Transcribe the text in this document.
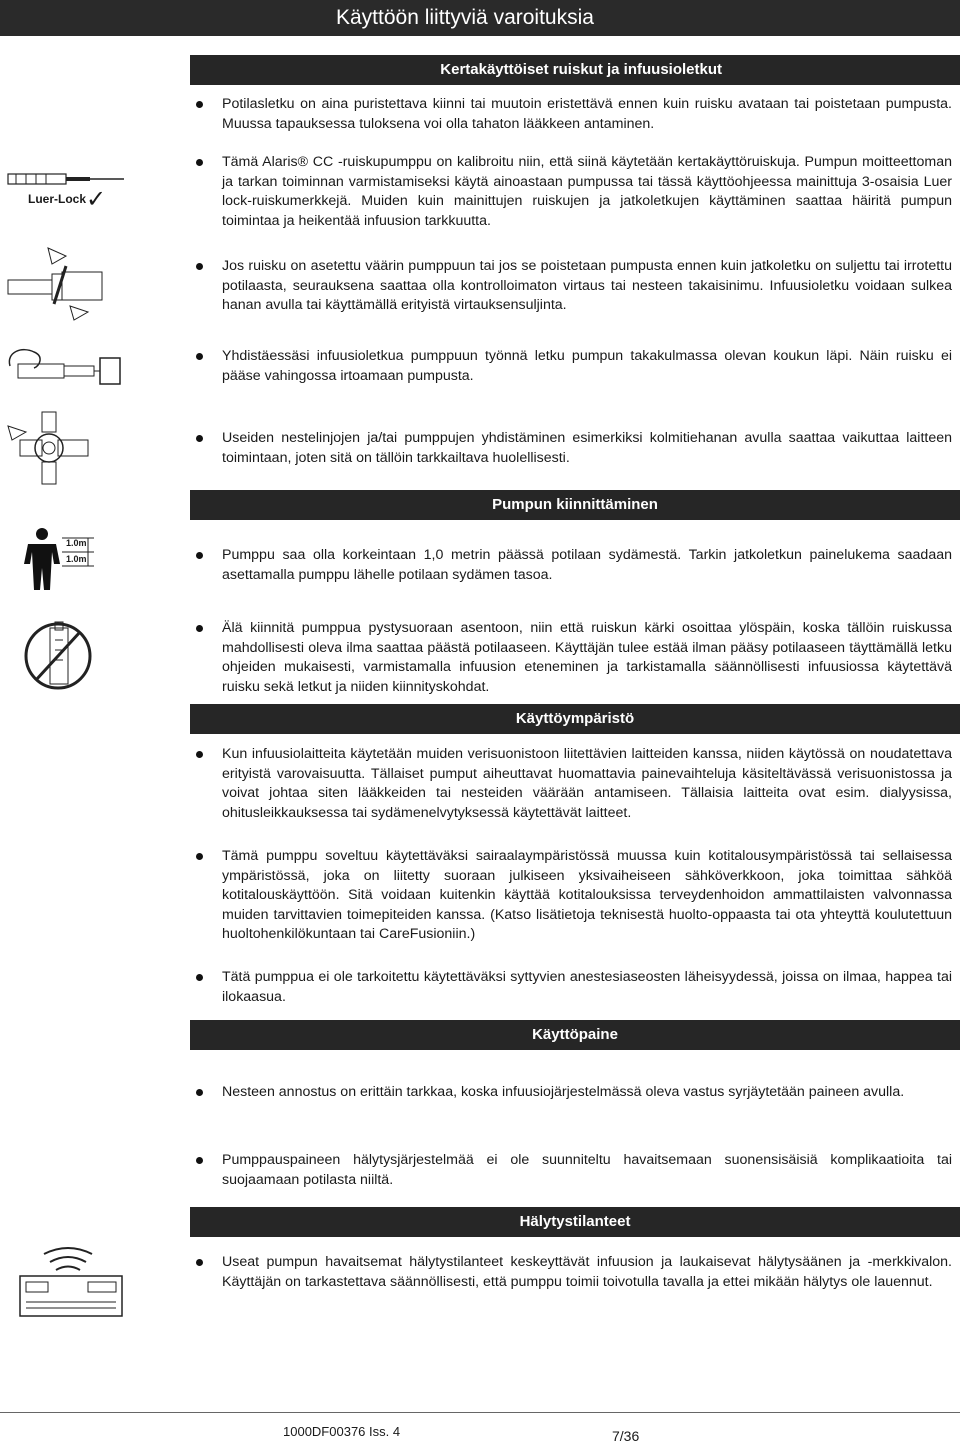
Käyttöön liittyviä varoituksia
Kertakäyttöiset ruiskut ja infuusioletkut
Potilasletku on aina puristettava kiinni tai muutoin eristettävä ennen kuin ruisku avataan tai poistetaan pumpusta. Muussa tapauksessa tuloksena voi olla tahaton lääkkeen antaminen.
Tämä Alaris® CC -ruiskupumppu on kalibroitu niin, että siinä käytetään kertakäyttöruiskuja. Pumpun moitteettoman ja tarkan toiminnan varmistamiseksi käytä ainoastaan pumpussa tai tässä käyttöohjeessa mainittuja 3-osaisia Luer lock-ruiskumerkkejä. Muiden kuin mainittujen ruiskujen ja jatkoletkujen käyttäminen saattaa häiritä pumpun toimintaa ja heikentää infuusion tarkkuutta.
Luer-Lock ✓
Jos ruisku on asetettu väärin pumppuun tai jos se poistetaan pumpusta ennen kuin jatkoletku on suljettu tai irrotettu potilaasta, seurauksena saattaa olla kontrolloimaton virtaus tai nesteen takaisinimu. Infuusioletku voidaan sulkea hanan avulla tai käyttämällä erityistä virtauksensuljinta.
Yhdistäessäsi infuusioletkua pumppuun työnnä letku pumpun takakulmassa olevan koukun läpi. Näin ruisku ei pääse vahingossa irtoamaan pumpusta.
Useiden nestelinjojen ja/tai pumppujen yhdistäminen esimerkiksi kolmitiehanan avulla saattaa vaikuttaa laitteen toimintaan, joten sitä on tällöin tarkkailtava huolellisesti.
Pumpun kiinnittäminen
Pumppu saa olla korkeintaan 1,0 metrin päässä potilaan sydämestä. Tarkin jatkoletkun painelukema saadaan asettamalla pumppu lähelle potilaan sydämen tasoa.
1.0m
1.0m
Älä kiinnitä pumppua pystysuoraan asentoon, niin että ruiskun kärki osoittaa ylöspäin, koska tällöin ruiskussa mahdollisesti oleva ilma saattaa päästä potilaaseen. Käyttäjän tulee estää ilman pääsy potilaaseen täyttämällä letku ohjeiden mukaisesti, varmistamalla infuusion eteneminen ja tarkistamalla säännöllisesti infuusiossa käytettävä ruisku sekä letkut ja niiden kiinnityskohdat.
Käyttöympäristö
Kun infuusiolaitteita käytetään muiden verisuonistoon liitettävien laitteiden kanssa, niiden käytössä on noudatettava erityistä varovaisuutta. Tällaiset pumput aiheuttavat huomattavia painevaihteluja käsiteltävässä verisuonistossa ja voivat johtaa siten lääkkeiden tai nesteiden väärään antamiseen. Tällaisia laitteita ovat esim. dialyysissa, ohitusleikkauksessa tai sydämenelvytyksessä käytettävät laitteet.
Tämä pumppu soveltuu käytettäväksi sairaalaympäristössä muussa kuin kotitalousympäristössä tai sellaisessa ympäristössä, joka on liitetty suoraan julkiseen yksivaiheiseen sähköverkkoon, joka toimittaa sähköä kotitalouskäyttöön. Sitä voidaan kuitenkin käyttää kotitalouksissa terveydenhoidon ammattilaisten valvonnassa muiden tarvittavien toimepiteiden kanssa. (Katso lisätietoja teknisestä huolto-oppaasta tai ota yhteyttä koulutettuun huoltohenkilökuntaan tai CareFusioniin.)
Tätä pumppua ei ole tarkoitettu käytettäväksi syttyvien anestesiaseosten läheisyydessä, joissa on ilmaa, happea tai ilokaasua.
Käyttöpaine
Nesteen annostus on erittäin tarkkaa, koska infuusiojärjestelmässä oleva vastus syrjäytetään paineen avulla.
Pumppauspaineen hälytysjärjestelmää ei ole suunniteltu havaitsemaan suonensisäisiä komplikaatioita tai suojaamaan potilasta niiltä.
Hälytystilanteet
Useat pumpun havaitsemat hälytystilanteet keskeyttävät infuusion ja laukaisevat hälytysäänen ja -merkkivalon. Käyttäjän on tarkastettava säännöllisesti, että pumppu toimii toivotulla tavalla ja ettei mikään hälytys ole lauennut.
1000DF00376 Iss. 4	7/36
